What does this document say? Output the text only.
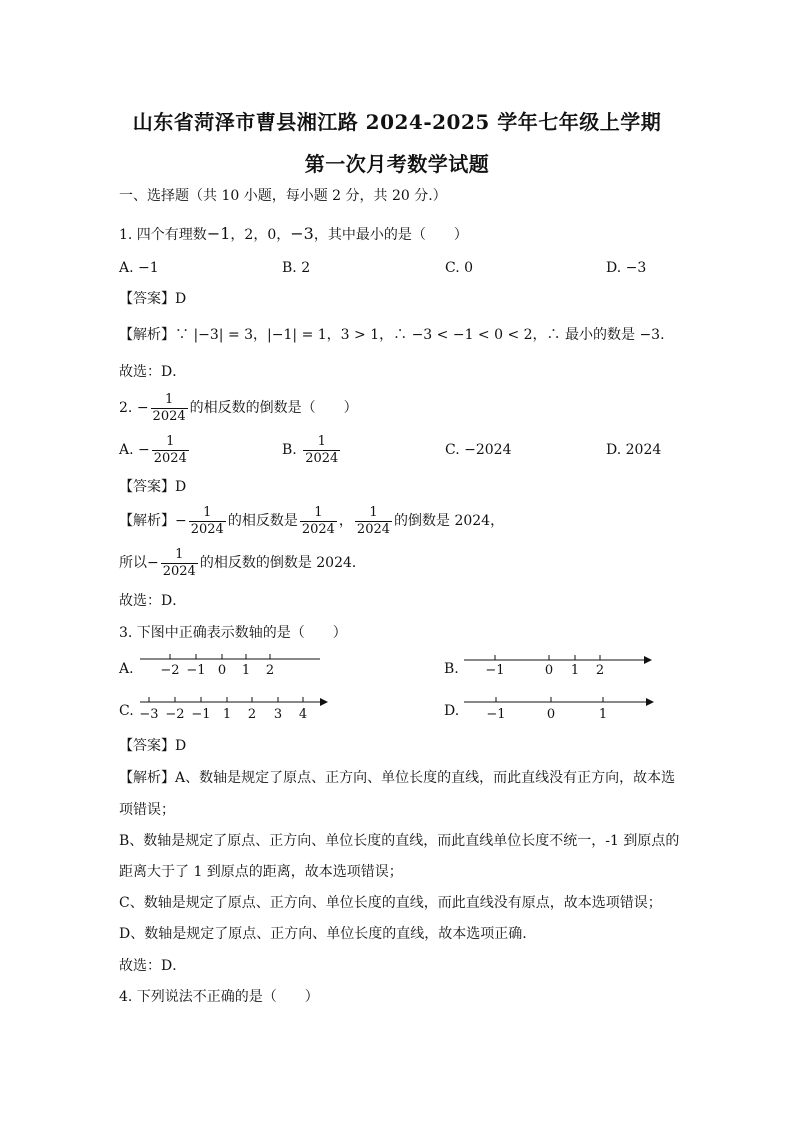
山东省菏泽市曹县湘江路 2024-2025 学年七年级上学期
第一次月考数学试题
一、选择题（共 10 小题，每小题 2 分，共 20 分.）
1. 四个有理数−1，2，0，−3，其中最小的是（　　）
A. −1	B. 2	C. 0	D. −3
【答案】D
【解析】∵ |−3| = 3，|−1| = 1，3 > 1，∴ −3 < −1 < 0 < 2，∴ 最小的数是 −3.
故选：D．
2. − $\frac{1}{2024}$ 的相反数的倒数是（　　）
A. − $\frac{1}{2024}$	B. $\frac{1}{2024}$	C. −2024	D. 2024
【答案】D
【解析】− $\frac{1}{2024}$ 的相反数是 $\frac{1}{2024}$ ， $\frac{1}{2024}$ 的倒数是 2024，
所以− $\frac{1}{2024}$ 的相反数的倒数是 2024．
故选：D．
3. 下图中正确表示数轴的是（　　）
A.	B.
C.	D.
−2 −1 0 1 2	−1	0 1 2
−3 −2 −1 1 2 3 4	−1	0	1
【答案】D
【解析】A、数轴是规定了原点、正方向、单位长度的直线，而此直线没有正方向，故本选
项错误；
B、数轴是规定了原点、正方向、单位长度的直线，而此直线单位长度不统一，-1 到原点的
距离大于了 1 到原点的距离，故本选项错误；
C、数轴是规定了原点、正方向、单位长度的直线，而此直线没有原点，故本选项错误；
D、数轴是规定了原点、正方向、单位长度的直线，故本选项正确.
故选：D．
4. 下列说法不正确的是（　　）
